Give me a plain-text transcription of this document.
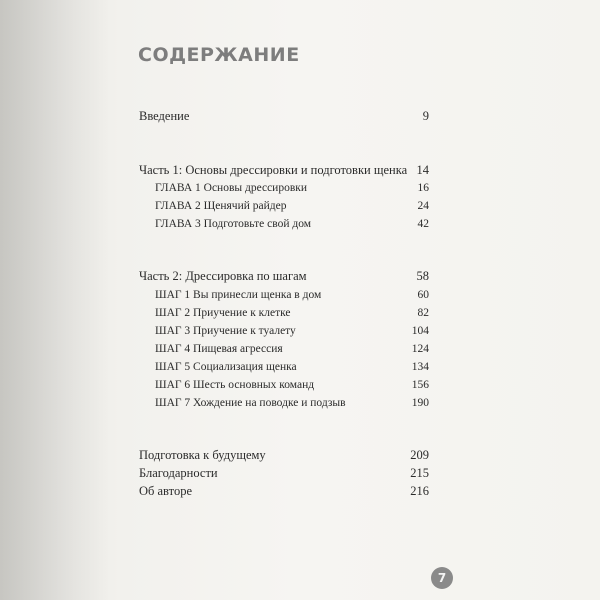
СОДЕРЖАНИЕ
Введение	9
Часть 1: Основы дрессировки и подготовки щенка 14
ГЛАВА 1 Основы дрессировки	16
ГЛАВА 2 Щенячий райдер	24
ГЛАВА 3 Подготовьте свой дом	42
Часть 2: Дрессировка по шагам	58
ШАГ 1 Вы принесли щенка в дом	60
ШАГ 2 Приучение к клетке	82
ШАГ 3 Приучение к туалету	104
ШАГ 4 Пищевая агрессия	124
ШАГ 5 Социализация щенка	134
ШАГ 6 Шесть основных команд	156
ШАГ 7 Хождение на поводке и подзыв	190
Подготовка к будущему	209
Благодарности	215
Об авторе	216
7
